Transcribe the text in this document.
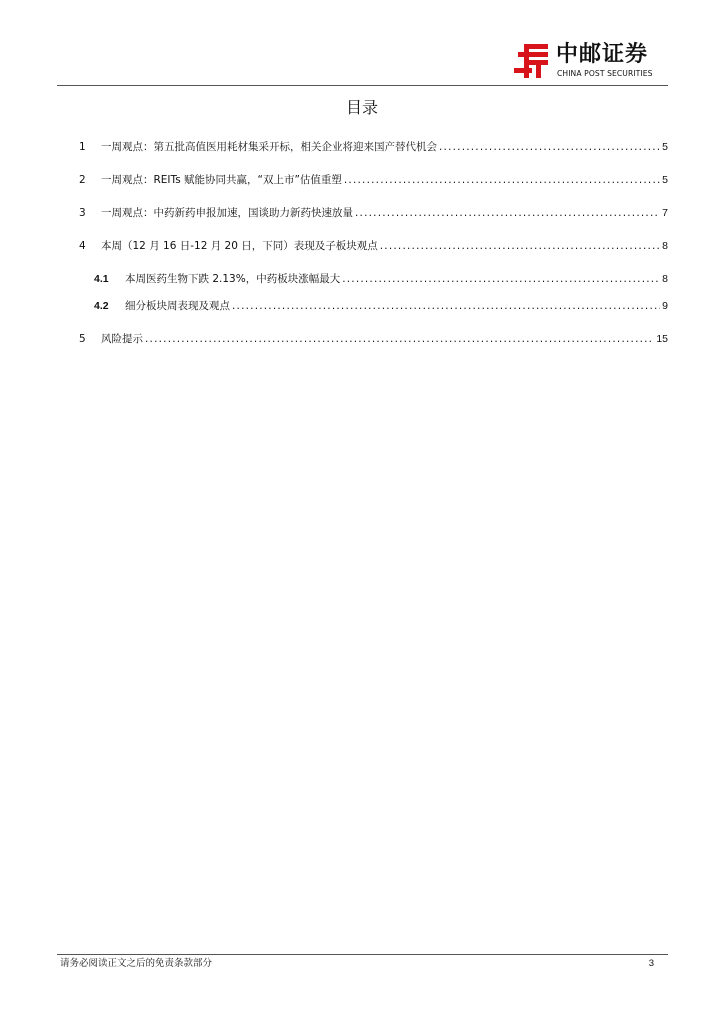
中邮证券
CHINA POST SECURITIES
目录
1	一周观点：第五批高值医用耗材集采开标，相关企业将迎来国产替代机会 .....	5
2	一周观点：REITs 赋能协同共赢，“双上市”估值重塑 .....	5
3	一周观点：中药新药申报加速，国谈助力新药快速放量 .....	7
4	本周（12 月 16 日-12 月 20 日，下同）表现及子板块观点 .....	8
4.1	本周医药生物下跌 2.13%，中药板块涨幅最大 .....	8
4.2	细分板块周表现及观点 .....	9
5	风险提示 .....	15
请务必阅读正文之后的免责条款部分	3
